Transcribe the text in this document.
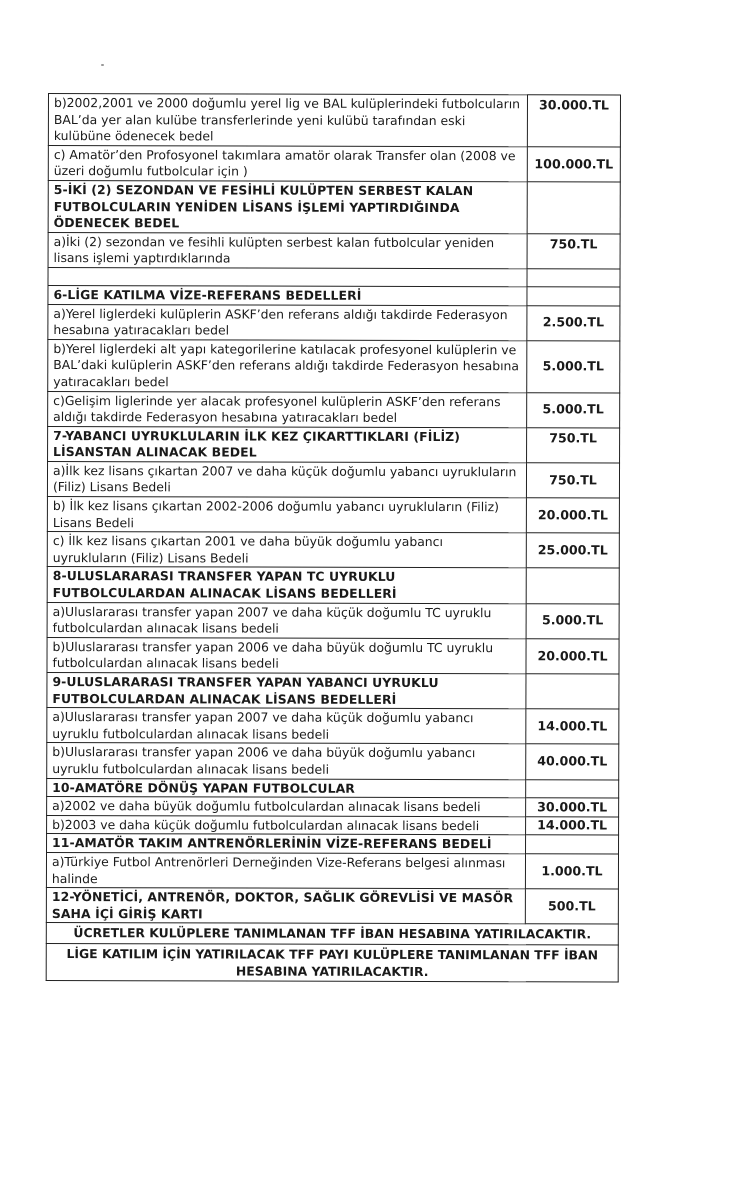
b)2002,2001 ve 2000 doğumlu yerel lig ve BAL kulüplerindeki futbolcuların BAL’da yer alan kulübe transferlerinde yeni kulübü tarafından eski kulübüne ödenecek bedel	30.000.TL
c) Amatör’den Profosyonel takımlara amatör olarak Transfer olan (2008 ve üzeri doğumlu futbolcular için )	100.000.TL
5-İKİ (2) SEZONDAN VE FESİHLİ KULÜPTEN SERBEST KALAN FUTBOLCULARIN YENİDEN LİSANS İŞLEMİ YAPTIRDIĞINDA ÖDENECEK BEDEL	
a)İki (2) sezondan ve fesihli kulüpten serbest kalan futbolcular yeniden lisans işlemi yaptırdıklarında	750.TL

6-LİGE KATILMA VİZE-REFERANS BEDELLERİ	
a)Yerel liglerdeki kulüplerin ASKF’den referans aldığı takdirde Federasyon hesabına yatıracakları bedel	2.500.TL
b)Yerel liglerdeki alt yapı kategorilerine katılacak profesyonel kulüplerin ve BAL’daki kulüplerin ASKF’den referans aldığı takdirde Federasyon hesabına yatıracakları bedel	5.000.TL
c)Gelişim liglerinde yer alacak profesyonel kulüplerin ASKF’den referans aldığı takdirde Federasyon hesabına yatıracakları bedel	5.000.TL
7-YABANCI UYRUKLULARIN İLK KEZ ÇIKARTTIKLARI (FİLİZ) LİSANSTAN ALINACAK BEDEL	750.TL
a)İlk kez lisans çıkartan 2007 ve daha küçük doğumlu yabancı uyrukluların (Filiz) Lisans Bedeli	750.TL
b) İlk kez lisans çıkartan 2002-2006 doğumlu yabancı uyrukluların (Filiz) Lisans Bedeli	20.000.TL
c) İlk kez lisans çıkartan 2001 ve daha büyük doğumlu yabancı uyrukluların (Filiz) Lisans Bedeli	25.000.TL
8-ULUSLARARASI TRANSFER YAPAN TC UYRUKLU FUTBOLCULARDAN ALINACAK LİSANS BEDELLERİ	
a)Uluslararası transfer yapan 2007 ve daha küçük doğumlu TC uyruklu futbolculardan alınacak lisans bedeli	5.000.TL
b)Uluslararası transfer yapan 2006 ve daha büyük doğumlu TC uyruklu futbolculardan alınacak lisans bedeli	20.000.TL
9-ULUSLARARASI TRANSFER YAPAN YABANCI UYRUKLU FUTBOLCULARDAN ALINACAK LİSANS BEDELLERİ	
a)Uluslararası transfer yapan 2007 ve daha küçük doğumlu yabancı uyruklu futbolculardan alınacak lisans bedeli	14.000.TL
b)Uluslararası transfer yapan 2006 ve daha büyük doğumlu yabancı uyruklu futbolculardan alınacak lisans bedeli	40.000.TL
10-AMATÖRE DÖNÜŞ YAPAN FUTBOLCULAR	
a)2002 ve daha büyük doğumlu futbolculardan alınacak lisans bedeli	30.000.TL
b)2003 ve daha küçük doğumlu futbolculardan alınacak lisans bedeli	14.000.TL
11-AMATÖR TAKIM ANTRENÖRLERİNİN VİZE-REFERANS BEDELİ	
a)Türkiye Futbol Antrenörleri Derneğinden Vize-Referans belgesi alınması halinde	1.000.TL
12-YÖNETİCİ, ANTRENÖR, DOKTOR, SAĞLIK GÖREVLİSİ VE MASÖR SAHA İÇİ GİRİŞ KARTI	500.TL
ÜCRETLER KULÜPLERE TANIMLANAN TFF İBAN HESABINA YATIRILACAKTIR.	
LİGE KATILIM İÇİN YATIRILACAK TFF PAYI KULÜPLERE TANIMLANAN TFF İBAN HESABINA YATIRILACAKTIR.	
